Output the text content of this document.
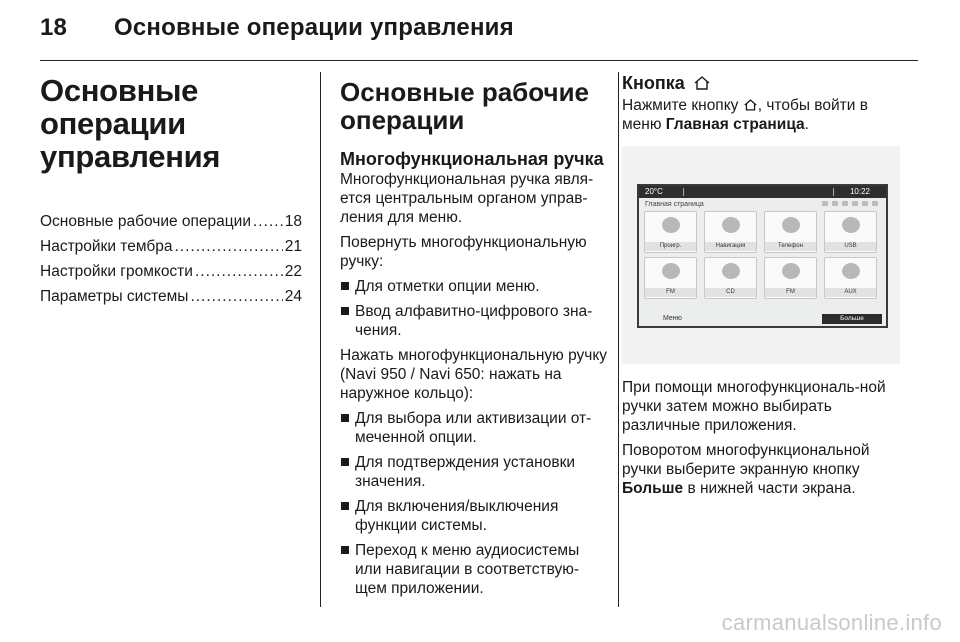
18 Основные операции управления
Основные операции управления
Основные рабочие операции ..... 18
Настройки тембра .....	21
Настройки громкости .....	22
Параметры системы .....	24
Основные рабочие операции
Многофункциональная ручка

Многофункциональная ручка явля-ется центральным органом управ-ления для меню.

Повернуть многофункциональную ручку:

Для отметки опции меню.
Ввод алфавитно-цифрового зна-чения.

Нажать многофункциональную ручку (Navi 950 / Navi 650: нажать на наружное кольцо):

Для выбора или активизации от-меченной опции.
Для подтверждения установки значения.
Для включения/выключения функции системы.
Переход к меню аудиосистемы или навигации в соответствую-щем приложении.
Кнопка

Нажмите кнопку , чтобы войти в меню Главная страница.

20°C	10:22
Главная страница
Проигр.	Навигация	Телефон	USB
FM	CD	FM	AUX
Меню	Больше

При помощи многофункциональ-ной ручки затем можно выбирать различные приложения.

Поворотом многофункциональной ручки выберите экранную кнопку Больше в нижней части экрана.

carmanualsonline.info
